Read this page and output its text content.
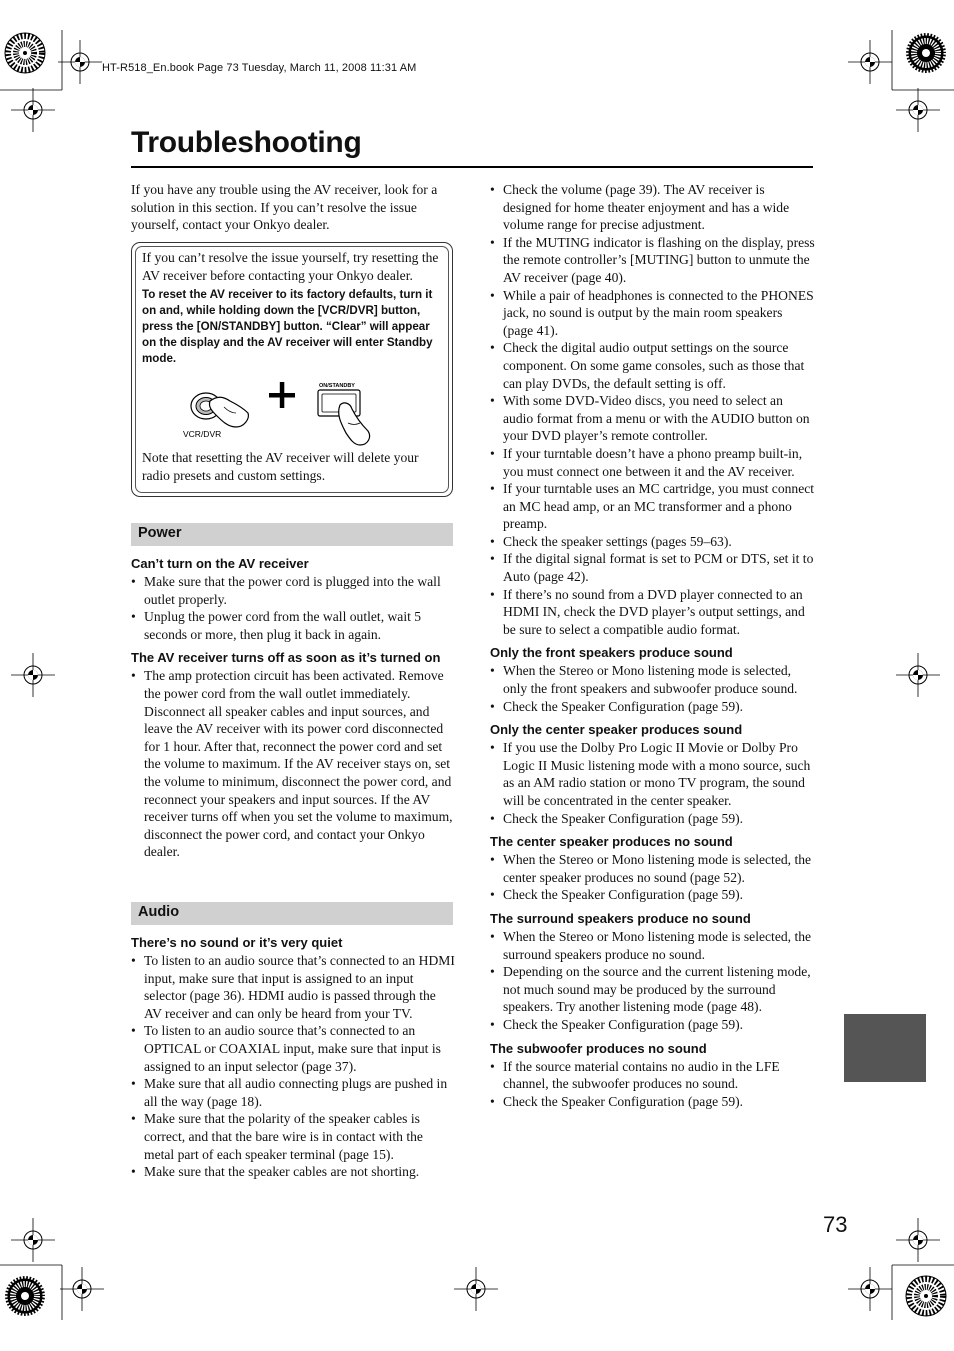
HT-R518_En.book Page 73 Tuesday, March 11, 2008 11:31 AM
Troubleshooting
If you have any trouble using the AV receiver, look for a solution in this section. If you can’t resolve the issue yourself, contact your Onkyo dealer.
If you can’t resolve the issue yourself, try resetting the AV receiver before contacting your Onkyo dealer.
To reset the AV receiver to its factory defaults, turn it on and, while holding down the [VCR/DVR] button, press the [ON/STANDBY] button. “Clear” will appear on the display and the AV receiver will enter Standby mode.
VCR/DVR
ON/STANDBY
Note that resetting the AV receiver will delete your radio presets and custom settings.
Power
Can’t turn on the AV receiver
• Make sure that the power cord is plugged into the wall outlet properly.
• Unplug the power cord from the wall outlet, wait 5 seconds or more, then plug it back in again.
The AV receiver turns off as soon as it’s turned on
• The amp protection circuit has been activated. Remove the power cord from the wall outlet immediately. Disconnect all speaker cables and input sources, and leave the AV receiver with its power cord disconnected for 1 hour. After that, reconnect the power cord and set the volume to maximum. If the AV receiver stays on, set the volume to minimum, disconnect the power cord, and reconnect your speakers and input sources. If the AV receiver turns off when you set the volume to maximum, disconnect the power cord, and contact your Onkyo dealer.
Audio
There’s no sound or it’s very quiet
• To listen to an audio source that’s connected to an HDMI input, make sure that input is assigned to an input selector (page 36). HDMI audio is passed through the AV receiver and can only be heard from your TV.
• To listen to an audio source that’s connected to an OPTICAL or COAXIAL input, make sure that input is assigned to an input selector (page 37).
• Make sure that all audio connecting plugs are pushed in all the way (page 18).
• Make sure that the polarity of the speaker cables is correct, and that the bare wire is in contact with the metal part of each speaker terminal (page 15).
• Make sure that the speaker cables are not shorting.
• Check the volume (page 39). The AV receiver is designed for home theater enjoyment and has a wide volume range for precise adjustment.
• If the MUTING indicator is flashing on the display, press the remote controller’s [MUTING] button to unmute the AV receiver (page 40).
• While a pair of headphones is connected to the PHONES jack, no sound is output by the main room speakers (page 41).
• Check the digital audio output settings on the source component. On some game consoles, such as those that can play DVDs, the default setting is off.
• With some DVD-Video discs, you need to select an audio format from a menu or with the AUDIO button on your DVD player’s remote controller.
• If your turntable doesn’t have a phono preamp built-in, you must connect one between it and the AV receiver.
• If your turntable uses an MC cartridge, you must connect an MC head amp, or an MC transformer and a phono preamp.
• Check the speaker settings (pages 59–63).
• If the digital signal format is set to PCM or DTS, set it to Auto (page 42).
• If there’s no sound from a DVD player connected to an HDMI IN, check the DVD player’s output settings, and be sure to select a compatible audio format.
Only the front speakers produce sound
• When the Stereo or Mono listening mode is selected, only the front speakers and subwoofer produce sound.
• Check the Speaker Configuration (page 59).
Only the center speaker produces sound
• If you use the Dolby Pro Logic II Movie or Dolby Pro Logic II Music listening mode with a mono source, such as an AM radio station or mono TV program, the sound will be concentrated in the center speaker.
• Check the Speaker Configuration (page 59).
The center speaker produces no sound
• When the Stereo or Mono listening mode is selected, the center speaker produces no sound (page 52).
• Check the Speaker Configuration (page 59).
The surround speakers produce no sound
• When the Stereo or Mono listening mode is selected, the surround speakers produce no sound.
• Depending on the source and the current listening mode, not much sound may be produced by the surround speakers. Try another listening mode (page 48).
• Check the Speaker Configuration (page 59).
The subwoofer produces no sound
• If the source material contains no audio in the LFE channel, the subwoofer produces no sound.
• Check the Speaker Configuration (page 59).
73
